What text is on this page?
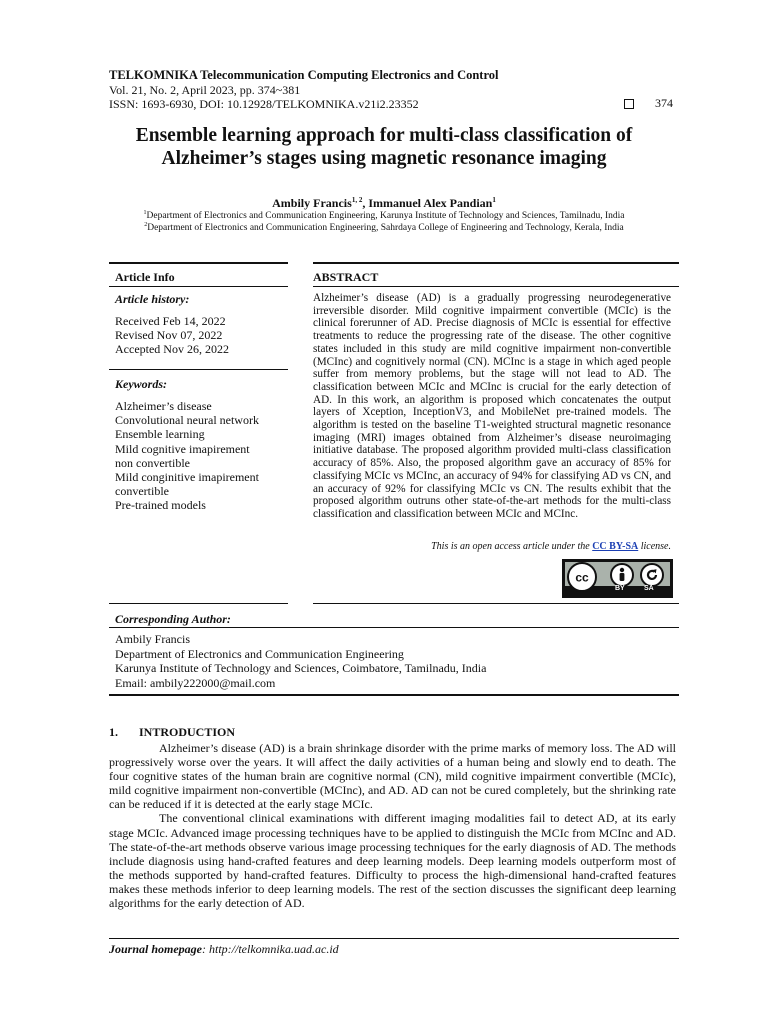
TELKOMNIKA Telecommunication Computing Electronics and Control
Vol. 21, No. 2, April 2023, pp. 374~381
ISSN: 1693-6930, DOI: 10.12928/TELKOMNIKA.v21i2.23352	374
Ensemble learning approach for multi-class classification of
Alzheimer’s stages using magnetic resonance imaging
Ambily Francis$^{1, 2}$, Immanuel Alex Pandian$^1$
$^1$Department of Electronics and Communication Engineering, Karunya Institute of Technology and Sciences, Tamilnadu, India
$^2$Department of Electronics and Communication Engineering, Sahrdaya College of Engineering and Technology, Kerala, India
Article Info
Article history:
Received Feb 14, 2022
Revised Nov 07, 2022
Accepted Nov 26, 2022
Keywords:
Alzheimer’s disease
Convolutional neural network
Ensemble learning
Mild cognitive imapirement
non convertible
Mild conginitive imapirement
convertible
Pre-trained models
ABSTRACT
Alzheimer’s disease (AD) is a gradually progressing neurodegenerative irreversible disorder. Mild cognitive impairment convertible (MCIc) is the clinical forerunner of AD. Precise diagnosis of MCIc is essential for effective treatments to reduce the progressing rate of the disease. The other cognitive states included in this study are mild cognitive impairment non-convertible (MCInc) and cognitively normal (CN). MCInc is a stage in which aged people suffer from memory problems, but the stage will not lead to AD. The classification between MCIc and MCInc is crucial for the early detection of AD. In this work, an algorithm is proposed which concatenates the output layers of Xception, InceptionV3, and MobileNet pre-trained models. The algorithm is tested on the baseline T1-weighted structural magnetic resonance imaging (MRI) images obtained from Alzheimer’s disease neuroimaging initiative database. The proposed algorithm provided multi-class classification accuracy of 85%. Also, the proposed algorithm gave an accuracy of 85% for classifying MCIc vs MCInc, an accuracy of 94% for classifying AD vs CN, and an accuracy of 92% for classifying MCIc vs CN. The results exhibit that the proposed algorithm outruns other state-of-the-art methods for the multi-class classification and classification between MCIc and MCInc.
This is an open access article under the CC BY-SA license.
cc
BY	SA
Corresponding Author:
Ambily Francis
Department of Electronics and Communication Engineering
Karunya Institute of Technology and Sciences, Coimbatore, Tamilnadu, India
Email: ambily222000@mail.com
1.       INTRODUCTION

Alzheimer’s disease (AD) is a brain shrinkage disorder with the prime marks of memory loss. The AD will progressively worse over the years. It will affect the daily activities of a human being and slowly end to death. The four cognitive states of the human brain are cognitive normal (CN), mild cognitive impairment convertible (MCIc), mild cognitive impairment non-convertible (MCInc), and AD. AD can not be cured completely, but the shrinking rate can be reduced if it is detected at the early stage MCIc.

The conventional clinical examinations with different imaging modalities fail to detect AD, at its early stage MCIc. Advanced image processing techniques have to be applied to distinguish the MCIc from MCInc and AD. The state-of-the-art methods observe various image processing techniques for the early diagnosis of AD. The methods include diagnosis using hand-crafted features and deep learning models. Deep learning models outperform most of the methods supported by hand-crafted features. Difficulty to process the high-dimensional hand-crafted features makes these methods inferior to deep learning models. The rest of the section discusses the significant deep learning algorithms for the early detection of AD.

Journal homepage: http://telkomnika.uad.ac.id
